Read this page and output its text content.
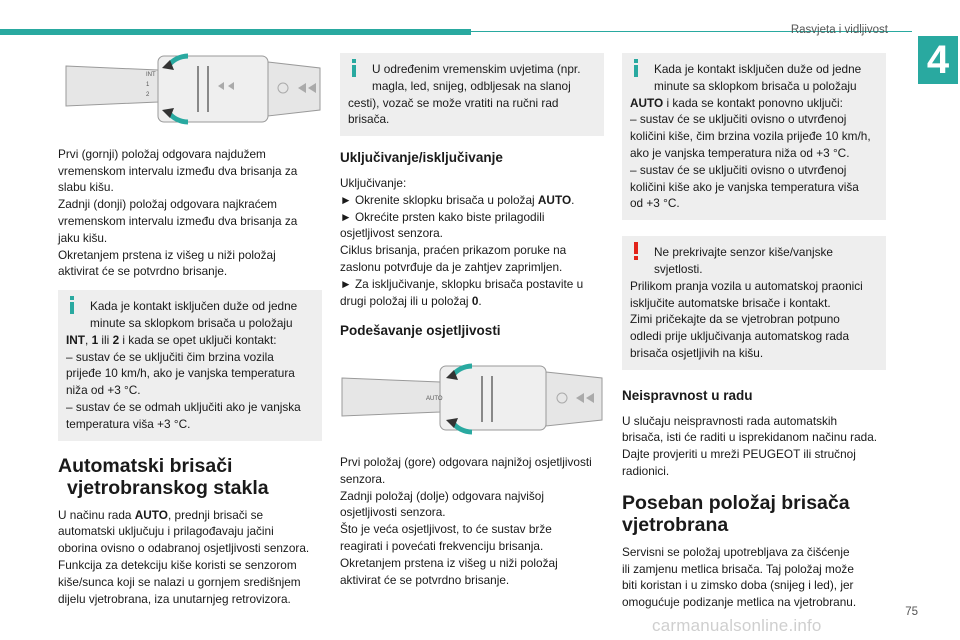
Rasvjeta i vidljivost
4
INT
1
2

Prvi (gornji) položaj odgovara najdužem
vremenskom intervalu između dva brisanja za
slabu kišu.
Zadnji (donji) položaj odgovara najkraćem
vremenskom intervalu između dva brisanja za
jaku kišu.
Okretanjem prstena iz višeg u niži položaj
aktivirat će se potvrdno brisanje.

Kada je kontakt isključen duže od jedne

minute sa sklopkom brisača u položaju

INT, 1 ili 2 i kada se opet uključi kontakt:

– sustav će se uključiti čim brzina vozila
prijeđe 10 km/h, ako je vanjska temperatura
niža od +3 °C.
– sustav će se odmah uključiti ako je vanjska
temperatura viša +3 °C.

Automatski brisači
vjetrobranskog stakla

U načinu rada AUTO, prednji brisači se
automatski uključuju i prilagođavaju jačini
oborina ovisno o odabranoj osjetljivosti senzora.
Funkcija za detekciju kiše koristi se senzorom
kiše/sunca koji se nalazi u gornjem središnjem
dijelu vjetrobrana, iza unutarnjeg retrovizora.

U određenim vremenskim uvjetima (npr.

magla, led, snijeg, odbljesak na slanoj

cesti), vozač se može vratiti na ručni rad
brisača.

Uključivanje/isključivanje

Uključivanje:
► Okrenite sklopku brisača u položaj AUTO.
► Okrećite prsten kako biste prilagodili
osjetljivost senzora.
Ciklus brisanja, praćen prikazom poruke na
zaslonu potvrđuje da je zahtjev zaprimljen.
► Za isključivanje, sklopku brisača postavite u
drugi položaj ili u položaj 0.

Podešavanje osjetljivosti
AUTO

Prvi položaj (gore) odgovara najnižoj osjetljivosti
senzora.
Zadnji položaj (dolje) odgovara najvišoj
osjetljivosti senzora.
Što je veća osjetljivost, to će sustav brže
reagirati i povećati frekvenciju brisanja.
Okretanjem prstena iz višeg u niži položaj
aktivirat će se potvrdno brisanje.

Kada je kontakt isključen duže od jedne

minute sa sklopkom brisača u položaju

AUTO i kada se kontakt ponovno uključi:

– sustav će se uključiti ovisno o utvrđenoj
količini kiše, čim brzina vozila prijeđe 10 km/h,
ako je vanjska temperatura niža od +3 °C.
– sustav će se uključiti ovisno o utvrđenoj
količini kiše ako je vanjska temperatura viša
od +3 °C.

Ne prekrivajte senzor kiše/vanjske

svjetlosti.

Prilikom pranja vozila u automatskoj praonici
isključite automatske brisače i kontakt.
Zimi pričekajte da se vjetrobran potpuno
odledi prije uključivanja automatskog rada
brisača osjetljivih na kišu.

Neispravnost u radu

U slučaju neispravnosti rada automatskih
brisača, isti će raditi u isprekidanom načinu rada.
Dajte provjeriti u mreži PEUGEOT ili stručnoj
radionici.

Poseban položaj brisača
vjetrobrana

Servisni se položaj upotrebljava za čišćenje
ili zamjenu metlica brisača. Taj položaj može
biti koristan i u zimsko doba (snijeg i led), jer
omogućuje podizanje metlica na vjetrobranu.

carmanualsonline.info
75
